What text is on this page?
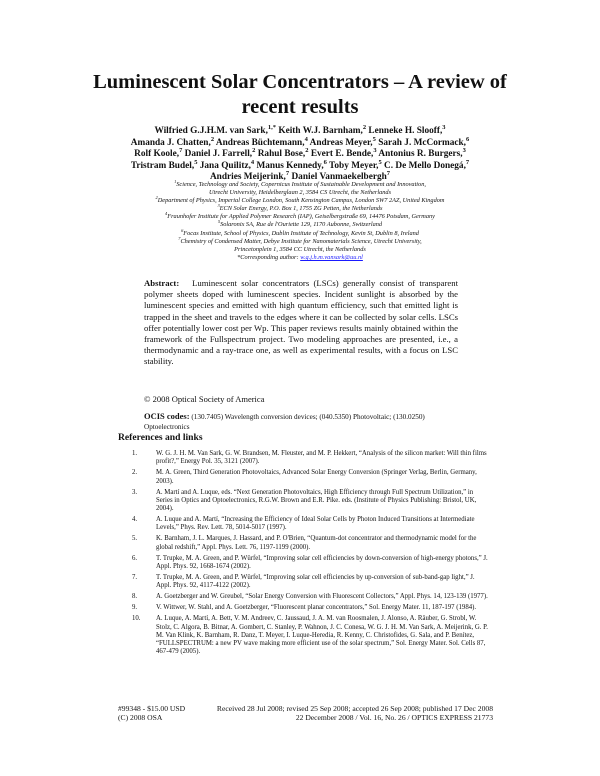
Luminescent Solar Concentrators – A review of recent results
Wilfried G.J.H.M. van Sark,$^{1,*}$ Keith W.J. Barnham,$^2$ Lenneke H. Slooff,$^3$
Amanda J. Chatten,$^2$ Andreas Büchtemann,$^4$ Andreas Meyer,$^5$ Sarah J. McCormack,$^6$
Rolf Koole,$^7$ Daniel J. Farrell,$^2$ Rahul Bose,$^2$ Evert E. Bende,$^3$ Antonius R. Burgers,$^3$
Tristram Budel,$^5$ Jana Quilitz,$^4$ Manus Kennedy,$^6$ Toby Meyer,$^5$ C. De Mello Donegá,$^7$
Andries Meijerink,$^7$ Daniel Vanmaekelbergh$^7$
$^1$Science, Technology and Society, Copernicus Institute of Sustainable Development and Innovation,
Utrecht University, Heidelberglaan 2, 3584 CS Utrecht, the Netherlands
$^2$Department of Physics, Imperial College London, South Kensington Campus, London SW7 2AZ, United Kingdom
$^3$ECN Solar Energy, P.O. Box 1, 1755 ZG Petten, the Netherlands
$^4$Fraunhofer Institute for Applied Polymer Research (IAP), Geiselbergstraße 69, 14476 Potsdam, Germany
$^5$Solaronix SA, Rue de l'Ouriette 129, 1170 Aubonne, Switzerland
$^6$Focas Institute, School of Physics, Dublin Institute of Technology, Kevin St, Dublin 8, Ireland
$^7$Chemistry of Condensed Matter, Debye Institute for Nanomaterials Science, Utrecht University,
Princetonplein 1, 3584 CC Utrecht, the Netherlands
*Corresponding author: w.g.j.h.m.vansark@uu.nl
Abstract: Luminescent solar concentrators (LSCs) generally consist of transparent polymer sheets doped with luminescent species. Incident sunlight is absorbed by the luminescent species and emitted with high quantum efficiency, such that emitted light is trapped in the sheet and travels to the edges where it can be collected by solar cells. LSCs offer potentially lower cost per Wp. This paper reviews results mainly obtained within the framework of the Fullspectrum project. Two modeling approaches are presented, i.e., a thermodynamic and a ray-trace one, as well as experimental results, with a focus on LSC stability.
© 2008 Optical Society of America
OCIS codes: (130.7405) Wavelength conversion devices; (040.5350) Photovoltaic; (130.0250) Optoelectronics
References and links
1.	W. G. J. H. M. Van Sark, G. W. Brandsen, M. Fleuster, and M. P. Hekkert, “Analysis of the silicon market: Will thin films profit?,” Energy Pol. 35, 3121 (2007).
2.	M. A. Green, Third Generation Photovoltaics, Advanced Solar Energy Conversion (Springer Verlag, Berlin, Germany, 2003).
3.	A. Martí and A. Luque, eds. “Next Generation Photovoltaics, High Efficiency through Full Spectrum Utilization,” in Series in Optics and Optoelectronics, R.G.W. Brown and E.R. Pike. eds. (Institute of Physics Publishing: Bristol, UK, 2004).
4.	A. Luque and A. Martí, “Increasing the Efficiency of Ideal Solar Cells by Photon Induced Transitions at Intermediate Levels,” Phys. Rev. Lett. 78, 5014-5017 (1997).
5.	K. Barnham, J. L. Marques, J. Hassard, and P. O'Brien, “Quantum-dot concentrator and thermodynamic model for the global redshift,” Appl. Phys. Lett. 76, 1197-1199 (2000).
6.	T. Trupke, M. A. Green, and P. Würfel, “Improving solar cell efficiencies by down-conversion of high-energy photons,” J. Appl. Phys. 92, 1668-1674 (2002).
7.	T. Trupke, M. A. Green, and P. Würfel, “Improving solar cell efficiencies by up-conversion of sub-band-gap light,” J. Appl. Phys. 92, 4117-4122 (2002).
8.	A. Goetzberger and W. Greubel, “Solar Energy Conversion with Fluorescent Collectors,” Appl. Phys. 14, 123-139 (1977).
9.	V. Wittwer, W. Stahl, and A. Goetzberger, “Fluorescent planar concentrators,” Sol. Energy Mater. 11, 187-197 (1984).
10.	A. Luque, A. Martí, A. Bett, V. M. Andreev, C. Jaussaud, J. A. M. van Roosmalen, J. Alonso, A. Räuber, G. Strobl, W. Stolz, C. Algora, B. Bitnar, A. Gombert, C. Stanley, P. Wahnon, J. C. Conesa, W. G. J. H. M. Van Sark, A. Meijerink, G. P. M. Van Klink, K. Barnham, R. Danz, T. Meyer, I. Luque-Heredia, R. Kenny, C. Christofides, G. Sala, and P. Benítez, “FULLSPECTRUM: a new PV wave making more efficient use of the solar spectrum,” Sol. Energy Mater. Sol. Cells 87, 467-479 (2005).
#99348 - $15.00 USD	Received 28 Jul 2008; revised 25 Sep 2008; accepted 26 Sep 2008; published 17 Dec 2008
(C) 2008 OSA	22 December 2008 / Vol. 16, No. 26 / OPTICS EXPRESS 21773
